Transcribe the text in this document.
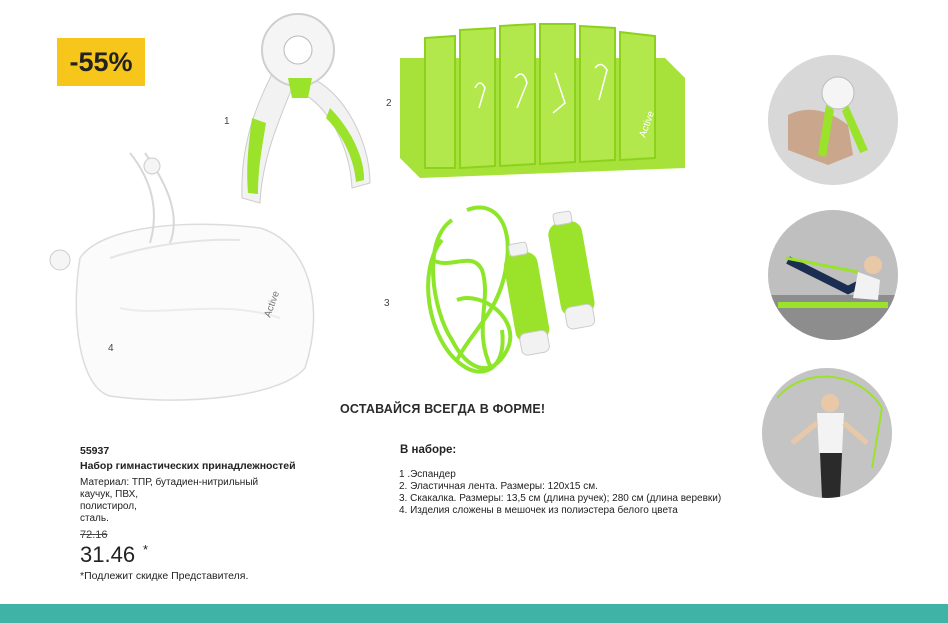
-55%
1	Active
2
3
Active
4
ОСТАВАЙСЯ ВСЕГДА В ФОРМЕ!
55937
Набор гимнастических принадлежностей
Материал: ТПР, бутадиен-нитрильный
каучук, ПВХ,
полистирол,
сталь.
72.16
31.46 *
*Подлежит скидке Представителя.
В наборе:
1 .Эспандер
2. Эластичная лента. Размеры: 120х15 см.
3. Скакалка. Размеры: 13,5 см (длина ручек); 280 см (длина веревки)
4. Изделия сложены в мешочек из полиэстера белого цвета
